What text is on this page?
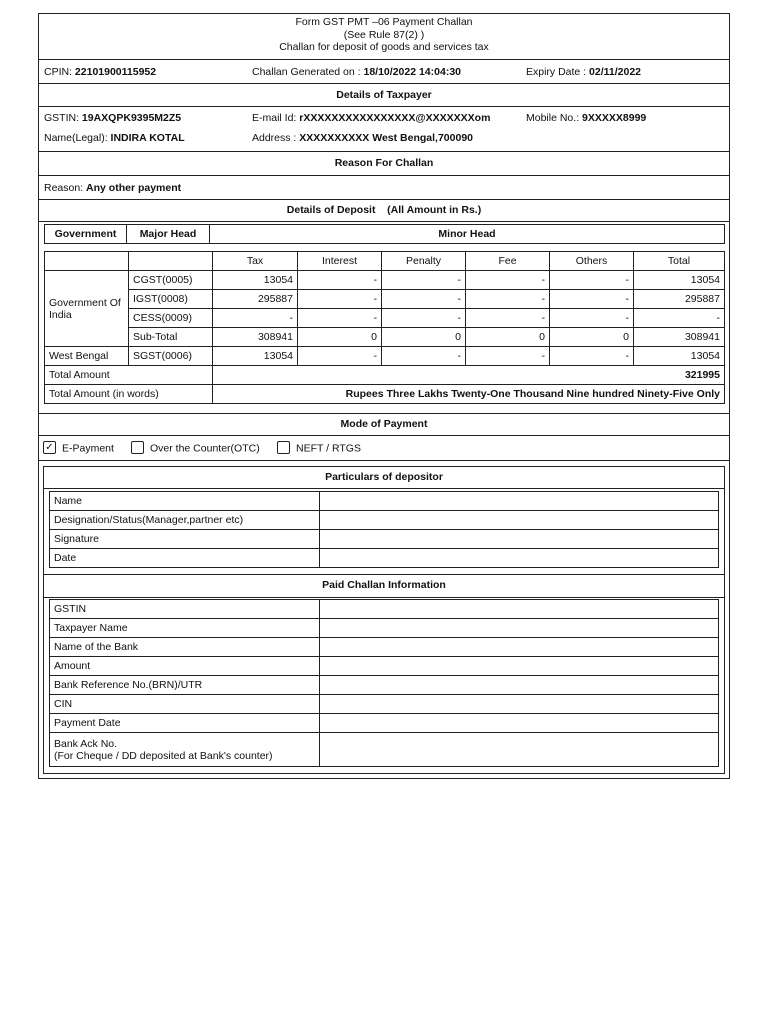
Form GST PMT –06 Payment Challan
(See Rule 87(2) )
Challan for deposit of goods and services tax
CPIN: 22101900115952	Challan Generated on : 18/10/2022 14:04:30	Expiry Date : 02/11/2022
Details of Taxpayer
GSTIN: 19AXQPK9395M2Z5	E-mail Id: rXXXXXXXXXXXXXXXX@XXXXXXXom	Mobile No.: 9XXXXX8999
Name(Legal): INDIRA KOTAL	Address : XXXXXXXXXX West Bengal,700090
Reason For Challan
Reason: Any other payment
Details of Deposit (All Amount in Rs.)
Government	Major Head	Minor Head
		Tax	Interest	Penalty	Fee	Others	Total
Government Of India	CGST(0005)	13054	-	-	-	-	13054
	IGST(0008)	295887	-	-	-	-	295887
	CESS(0009)	-	-	-	-	-	-
	Sub-Total	308941	0	0	0	0	308941
West Bengal	SGST(0006)	13054	-	-	-	-	13054
Total Amount		321995					
Total Amount (in words)		Rupees Three Lakhs Twenty-One Thousand Nine hundred Ninety-Five Only					
Mode of Payment
✓ E-Payment	Over the Counter(OTC)	NEFT / RTGS
Particulars of depositor
Name	
Designation/Status(Manager,partner etc)	
Signature	
Date	
Paid Challan Information
GSTIN	
Taxpayer Name	
Name of the Bank	
Amount	
Bank Reference No.(BRN)/UTR	
CIN	
Payment Date	

Bank Ack No.
(For Cheque / DD deposited at Bank's counter)	
